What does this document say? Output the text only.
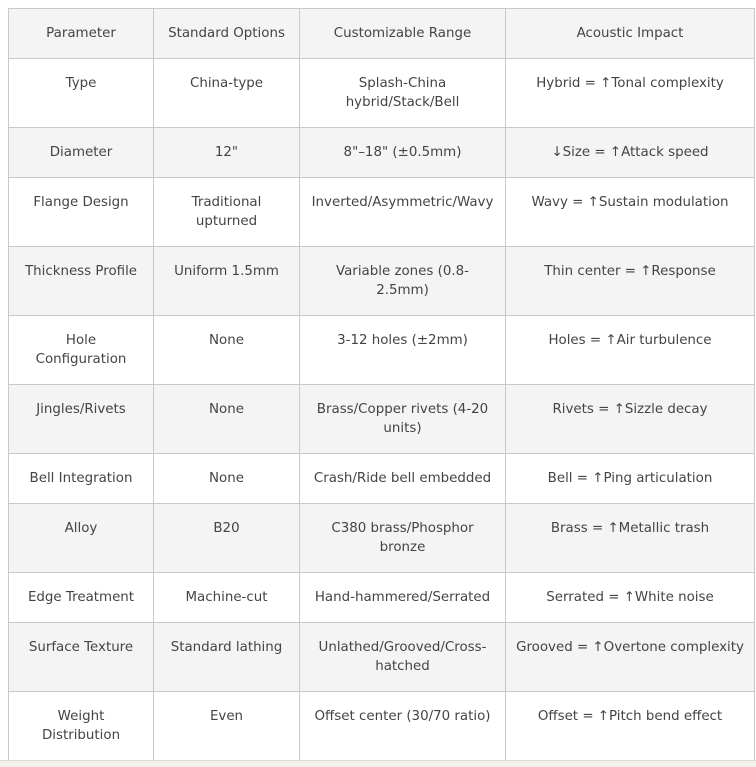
Parameter	Standard Options	Customizable Range	Acoustic Impact
Type	China-type	Splash-China hybrid/Stack/Bell	Hybrid = ↑Tonal complexity
Diameter	12"	8"–18" (±0.5mm)	↓Size = ↑Attack speed
Flange Design	Traditional upturned	Inverted/Asymmetric/Wavy	Wavy = ↑Sustain modulation
Thickness Profile	Uniform 1.5mm	Variable zones (0.8-2.5mm)	Thin center = ↑Response
Hole Configuration	None	3-12 holes (±2mm)	Holes = ↑Air turbulence
Jingles/Rivets	None	Brass/Copper rivets (4-20 units)	Rivets = ↑Sizzle decay
Bell Integration	None	Crash/Ride bell embedded	Bell = ↑Ping articulation
Alloy	B20	C380 brass/Phosphor bronze	Brass = ↑Metallic trash
Edge Treatment	Machine-cut	Hand-hammered/Serrated	Serrated = ↑White noise
Surface Texture	Standard lathing	Unlathed/Grooved/Cross-hatched	Grooved = ↑Overtone complexity
Weight Distribution	Even	Offset center (30/70 ratio)	Offset = ↑Pitch bend effect
